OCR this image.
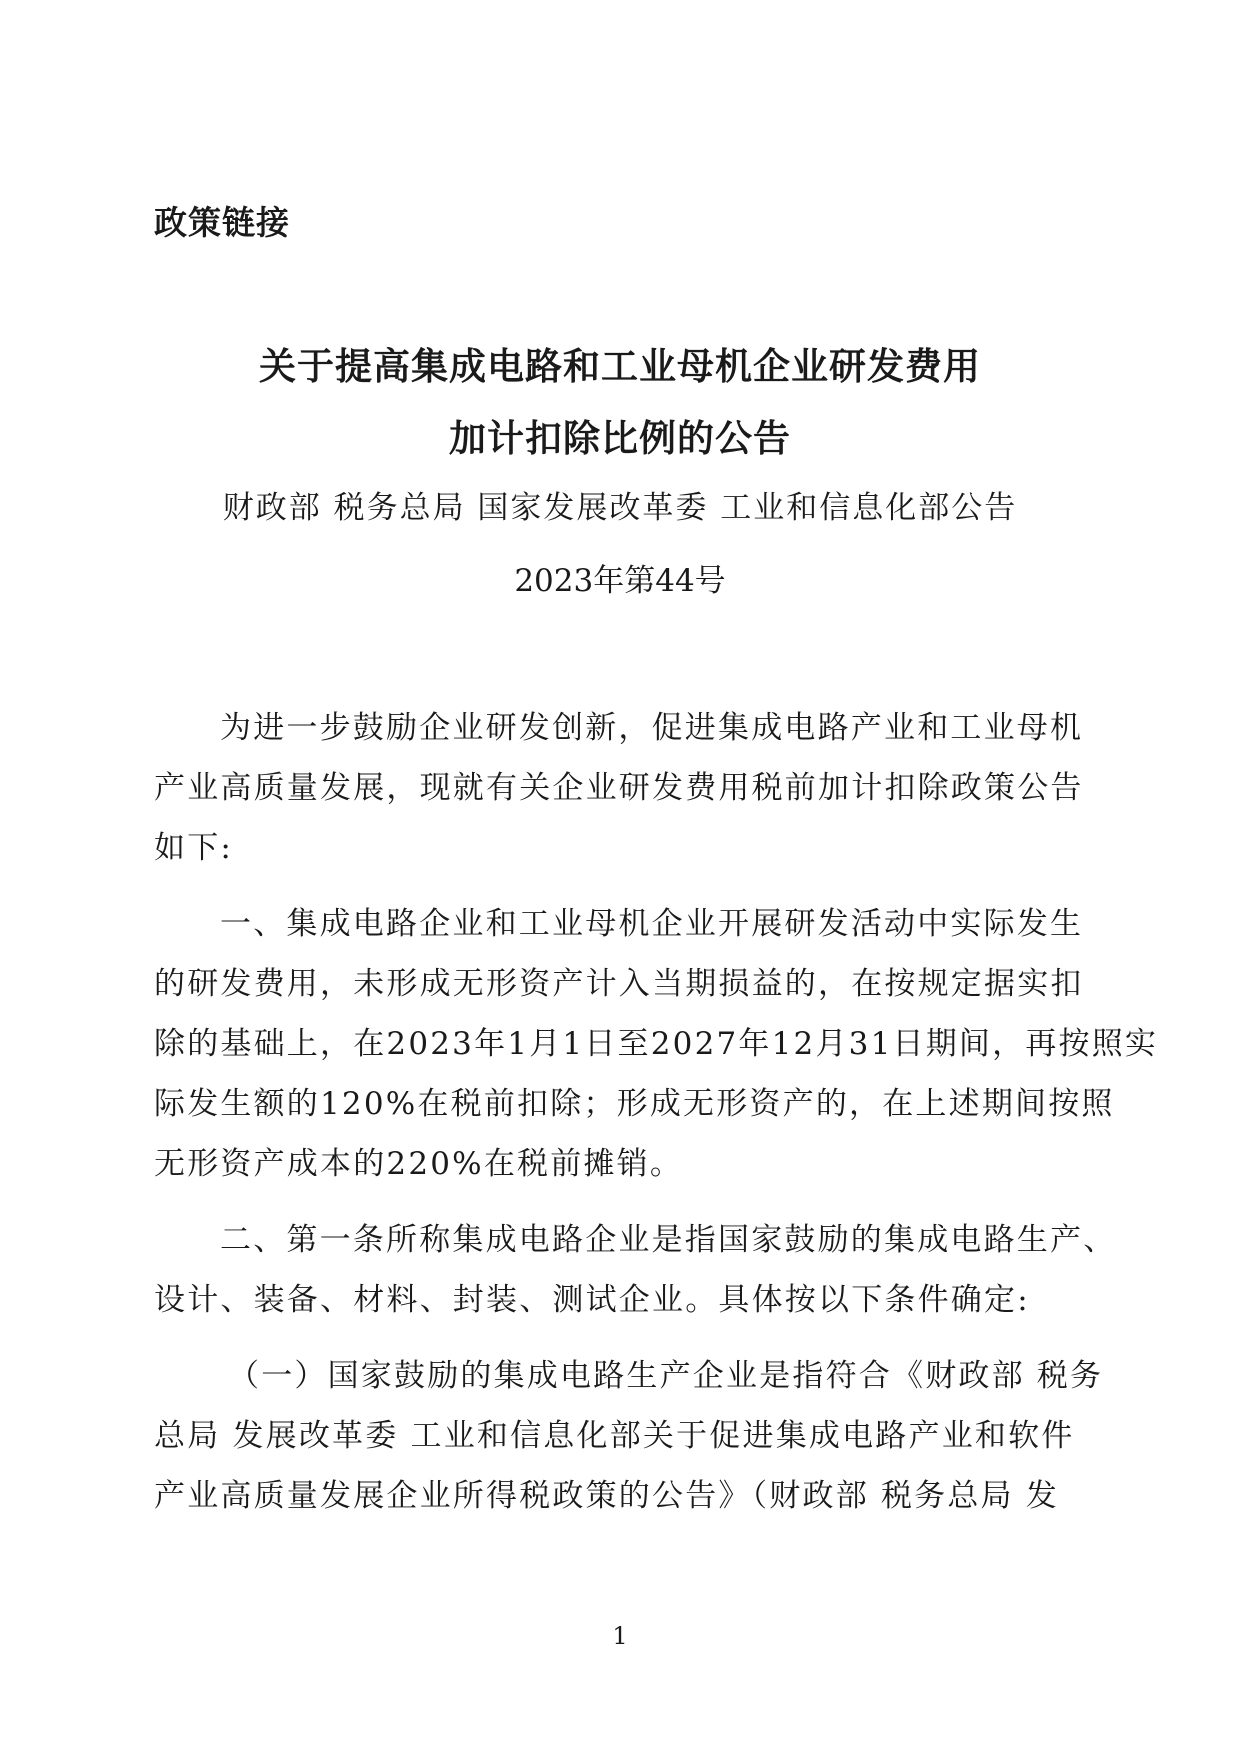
政策链接
关于提高集成电路和工业母机企业研发费用
加计扣除比例的公告
财政部 税务总局 国家发展改革委 工业和信息化部公告
2023年第44号
为进一步鼓励企业研发创新，促进集成电路产业和工业母机
产业高质量发展，现就有关企业研发费用税前加计扣除政策公告
如下:
一、集成电路企业和工业母机企业开展研发活动中实际发生
的研发费用，未形成无形资产计入当期损益的，在按规定据实扣
除的基础上，在2023年1月1日至2027年12月31日期间，再按照实
际发生额的120%在税前扣除；形成无形资产的，在上述期间按照
无形资产成本的220%在税前摊销。
二、第一条所称集成电路企业是指国家鼓励的集成电路生产、
设计、装备、材料、封装、测试企业。具体按以下条件确定:
（一）国家鼓励的集成电路生产企业是指符合《财政部 税务
总局 发展改革委 工业和信息化部关于促进集成电路产业和软件
产业高质量发展企业所得税政策的公告》（财政部 税务总局 发
1
